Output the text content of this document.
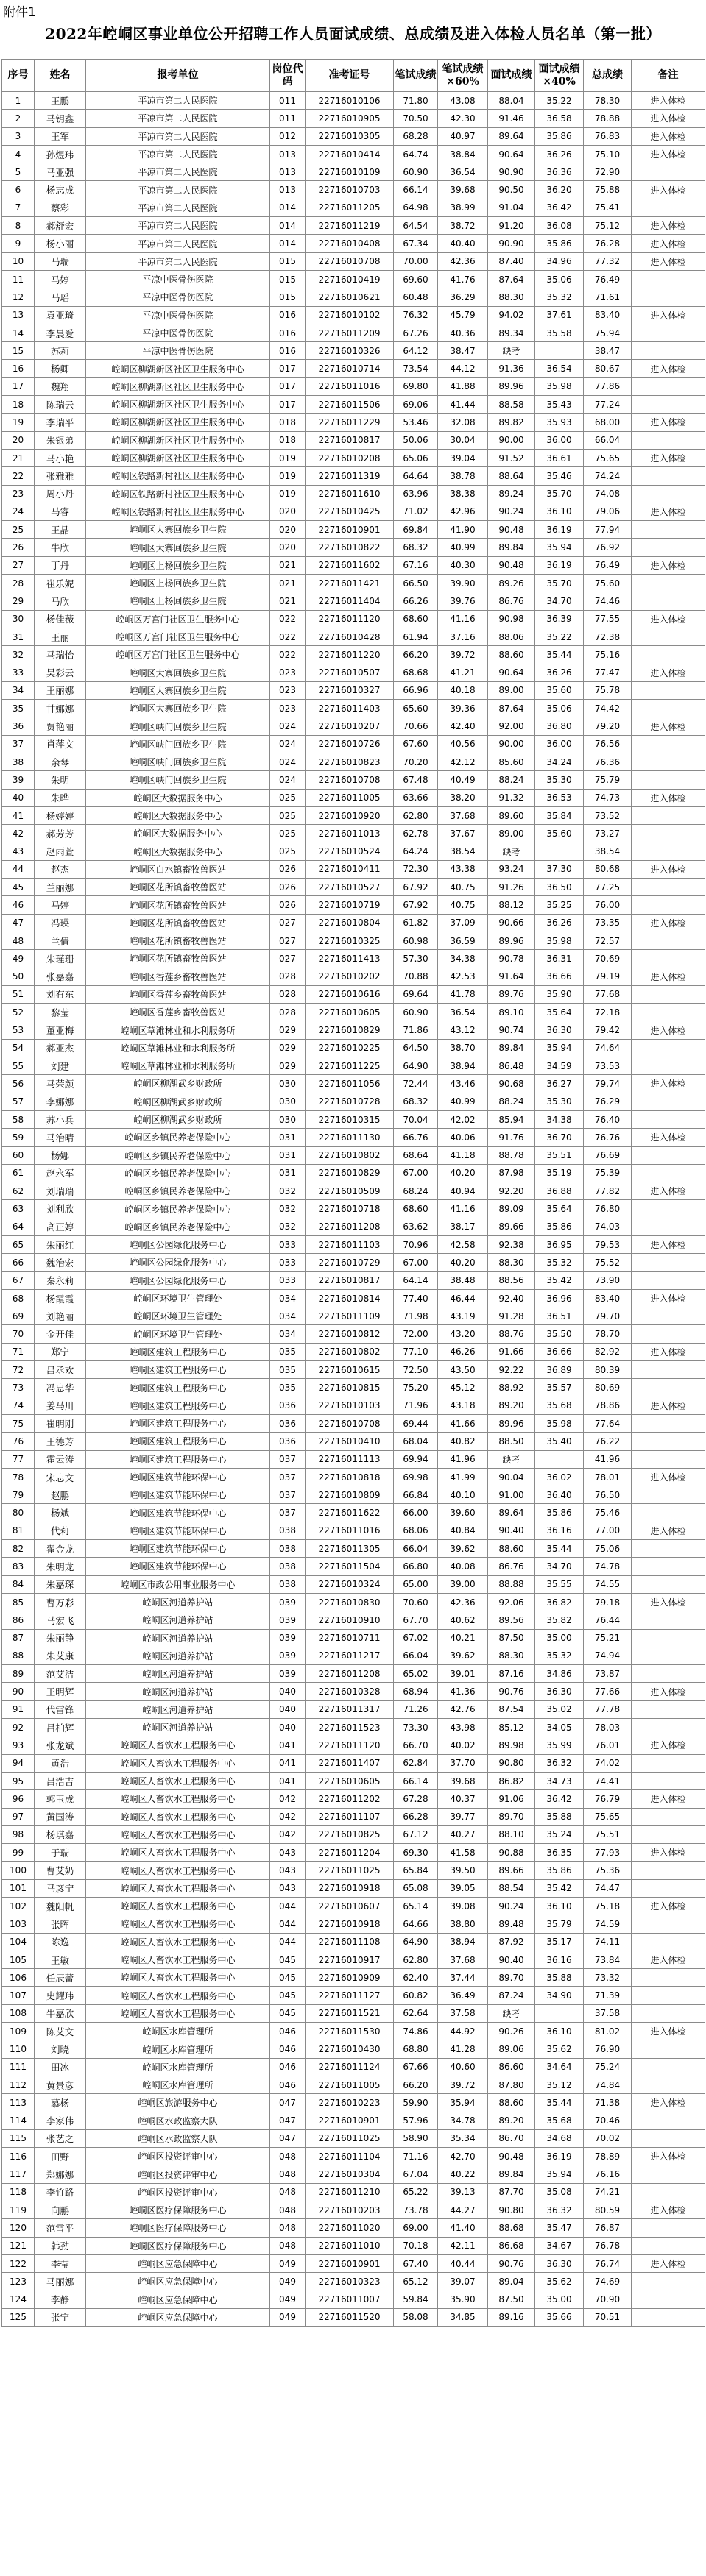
附件1
2022年崆峒区事业单位公开招聘工作人员面试成绩、总成绩及进入体检人员名单（第一批）
序号	姓名	报考单位	岗位代码	准考证号	笔试成绩	笔试成绩×60%	面试成绩	面试成绩×40%	总成绩	备注
1	王鹏	平凉市第二人民医院	011	22716010106	71.80	43.08	88.04	35.22	78.30	进入体检
2	马钥鑫	平凉市第二人民医院	011	22716010905	70.50	42.30	91.46	36.58	78.88	进入体检
3	王军	平凉市第二人民医院	012	22716010305	68.28	40.97	89.64	35.86	76.83	进入体检
4	孙煜玮	平凉市第二人民医院	013	22716010414	64.74	38.84	90.64	36.26	75.10	进入体检
5	马亚强	平凉市第二人民医院	013	22716010109	60.90	36.54	90.90	36.36	72.90	
6	杨志成	平凉市第二人民医院	013	22716010703	66.14	39.68	90.50	36.20	75.88	进入体检
7	蔡彩	平凉市第二人民医院	014	22716011205	64.98	38.99	91.04	36.42	75.41	
8	郝舒宏	平凉市第二人民医院	014	22716011219	64.54	38.72	91.20	36.08	75.12	进入体检
9	杨小丽	平凉市第二人民医院	014	22716010408	67.34	40.40	90.90	35.86	76.28	进入体检
10	马瑞	平凉市第二人民医院	015	22716010708	70.00	42.36	87.40	34.96	77.32	进入体检
11	马婷	平凉中医骨伤医院	015	22716010419	69.60	41.76	87.64	35.06	76.49	
12	马瑶	平凉中医骨伤医院	015	22716010621	60.48	36.29	88.30	35.32	71.61	
13	袁亚琦	平凉中医骨伤医院	016	22716010102	76.32	45.79	94.02	37.61	83.40	进入体检
14	李晨爱	平凉中医骨伤医院	016	22716011209	67.26	40.36	89.34	35.58	75.94	
15	苏莉	平凉中医骨伤医院	016	22716010326	64.12	38.47	缺考		38.47	
16	杨卿	崆峒区柳湖新区社区卫生服务中心	017	22716010714	73.54	44.12	91.36	36.54	80.67	进入体检
17	魏翔	崆峒区柳湖新区社区卫生服务中心	017	22716011016	69.80	41.88	89.96	35.98	77.86	
18	陈瑞云	崆峒区柳湖新区社区卫生服务中心	017	22716011506	69.06	41.44	88.58	35.43	77.24	
19	李瑞平	崆峒区柳湖新区社区卫生服务中心	018	22716011229	53.46	32.08	89.82	35.93	68.00	进入体检
20	朱银弟	崆峒区柳湖新区社区卫生服务中心	018	22716010817	50.06	30.04	90.00	36.00	66.04	
21	马小艳	崆峒区柳湖新区社区卫生服务中心	019	22716010208	65.06	39.04	91.52	36.61	75.65	进入体检
22	张雅雅	崆峒区铁路新村社区卫生服务中心	019	22716011319	64.64	38.78	88.64	35.46	74.24	
23	周小丹	崆峒区铁路新村社区卫生服务中心	019	22716011610	63.96	38.38	89.24	35.70	74.08	
24	马睿	崆峒区铁路新村社区卫生服务中心	020	22716010425	71.02	42.96	90.24	36.10	79.06	进入体检
25	王晶	崆峒区大寨回族乡卫生院	020	22716010901	69.84	41.90	90.48	36.19	77.94	
26	牛欣	崆峒区大寨回族乡卫生院	020	22716010822	68.32	40.99	89.84	35.94	76.92	
27	丁丹	崆峒区上杨回族乡卫生院	021	22716011602	67.16	40.30	90.48	36.19	76.49	进入体检
28	崔乐妮	崆峒区上杨回族乡卫生院	021	22716011421	66.50	39.90	89.26	35.70	75.60	
29	马欣	崆峒区上杨回族乡卫生院	021	22716011404	66.26	39.76	86.76	34.70	74.46	
30	杨佳薇	崆峒区万宫门社区卫生服务中心	022	22716011120	68.60	41.16	90.98	36.39	77.55	进入体检
31	王丽	崆峒区万宫门社区卫生服务中心	022	22716010428	61.94	37.16	88.06	35.22	72.38	
32	马瑞怡	崆峒区万宫门社区卫生服务中心	022	22716011220	66.20	39.72	88.60	35.44	75.16	
33	吴彩云	崆峒区大寨回族乡卫生院	023	22716010507	68.68	41.21	90.64	36.26	77.47	进入体检
34	王丽娜	崆峒区大寨回族乡卫生院	023	22716010327	66.96	40.18	89.00	35.60	75.78	
35	甘娜娜	崆峒区大寨回族乡卫生院	023	22716011403	65.60	39.36	87.64	35.06	74.42	
36	贾艳丽	崆峒区峡门回族乡卫生院	024	22716010207	70.66	42.40	92.00	36.80	79.20	进入体检
37	肖萍文	崆峒区峡门回族乡卫生院	024	22716010726	67.60	40.56	90.00	36.00	76.56	
38	余琴	崆峒区峡门回族乡卫生院	024	22716010823	70.20	42.12	85.60	34.24	76.36	
39	朱明	崆峒区峡门回族乡卫生院	024	22716010708	67.48	40.49	88.24	35.30	75.79	
40	朱晔	崆峒区大数据服务中心	025	22716011005	63.66	38.20	91.32	36.53	74.73	进入体检
41	杨婷婷	崆峒区大数据服务中心	025	22716010920	62.80	37.68	89.60	35.84	73.52	
42	郝芳芳	崆峒区大数据服务中心	025	22716011013	62.78	37.67	89.00	35.60	73.27	
43	赵雨萱	崆峒区大数据服务中心	025	22716010524	64.24	38.54	缺考		38.54	
44	赵杰	崆峒区白水镇畜牧兽医站	026	22716010411	72.30	43.38	93.24	37.30	80.68	进入体检
45	兰丽娜	崆峒区花所镇畜牧兽医站	026	22716010527	67.92	40.75	91.26	36.50	77.25	
46	马婷	崆峒区花所镇畜牧兽医站	026	22716010719	67.92	40.75	88.12	35.25	76.00	
47	冯瑛	崆峒区花所镇畜牧兽医站	027	22716010804	61.82	37.09	90.66	36.26	73.35	进入体检
48	兰倩	崆峒区花所镇畜牧兽医站	027	22716010325	60.98	36.59	89.96	35.98	72.57	
49	朱瑾珊	崆峒区花所镇畜牧兽医站	027	22716011413	57.30	34.38	90.78	36.31	70.69	
50	张嘉嘉	崆峒区香莲乡畜牧兽医站	028	22716010202	70.88	42.53	91.64	36.66	79.19	进入体检
51	刘有东	崆峒区香莲乡畜牧兽医站	028	22716010616	69.64	41.78	89.76	35.90	77.68	
52	黎莹	崆峒区香莲乡畜牧兽医站	028	22716010605	60.90	36.54	89.10	35.64	72.18	
53	董亚梅	崆峒区草滩林业和水利服务所	029	22716010829	71.86	43.12	90.74	36.30	79.42	进入体检
54	郝亚杰	崆峒区草滩林业和水利服务所	029	22716010225	64.50	38.70	89.84	35.94	74.64	
55	刘建	崆峒区草滩林业和水利服务所	029	22716011225	64.90	38.94	86.48	34.59	73.53	
56	马荣颜	崆峒区柳湖武乡财政所	030	22716011056	72.44	43.46	90.68	36.27	79.74	进入体检
57	李娜娜	崆峒区柳湖武乡财政所	030	22716010728	68.32	40.99	88.24	35.30	76.29	
58	苏小兵	崆峒区柳湖武乡财政所	030	22716010315	70.04	42.02	85.94	34.38	76.40	
59	马治晴	崆峒区乡镇民养老保险中心	031	22716011130	66.76	40.06	91.76	36.70	76.76	进入体检
60	杨娜	崆峒区乡镇民养老保险中心	031	22716010802	68.64	41.18	88.78	35.51	76.69	
61	赵永军	崆峒区乡镇民养老保险中心	031	22716010829	67.00	40.20	87.98	35.19	75.39	
62	刘瑞瑞	崆峒区乡镇民养老保险中心	032	22716010509	68.24	40.94	92.20	36.88	77.82	进入体检
63	刘利欣	崆峒区乡镇民养老保险中心	032	22716010718	68.60	41.16	89.09	35.64	76.80	
64	高正婷	崆峒区乡镇民养老保险中心	032	22716011208	63.62	38.17	89.66	35.86	74.03	
65	朱丽红	崆峒区公园绿化服务中心	033	22716011103	70.96	42.58	92.38	36.95	79.53	进入体检
66	魏治宏	崆峒区公园绿化服务中心	033	22716010729	67.00	40.20	88.30	35.32	75.52	
67	秦永莉	崆峒区公园绿化服务中心	033	22716010817	64.14	38.48	88.56	35.42	73.90	
68	杨霞霞	崆峒区环境卫生管理处	034	22716010814	77.40	46.44	92.40	36.96	83.40	进入体检
69	刘艳丽	崆峒区环境卫生管理处	034	22716011109	71.98	43.19	91.28	36.51	79.70	
70	金开佳	崆峒区环境卫生管理处	034	22716010812	72.00	43.20	88.76	35.50	78.70	
71	郑宁	崆峒区建筑工程服务中心	035	22716010802	77.10	46.26	91.66	36.66	82.92	进入体检
72	吕丞欢	崆峒区建筑工程服务中心	035	22716010615	72.50	43.50	92.22	36.89	80.39	
73	冯忠华	崆峒区建筑工程服务中心	035	22716010815	75.20	45.12	88.92	35.57	80.69	
74	姜马川	崆峒区建筑工程服务中心	036	22716010103	71.96	43.18	89.20	35.68	78.86	进入体检
75	崔明刚	崆峒区建筑工程服务中心	036	22716010708	69.44	41.66	89.96	35.98	77.64	
76	王德芳	崆峒区建筑工程服务中心	036	22716010410	68.04	40.82	88.50	35.40	76.22	
77	霍云涛	崆峒区建筑工程服务中心	037	22716011113	69.94	41.96	缺考		41.96	
78	宋志文	崆峒区建筑节能环保中心	037	22716010818	69.98	41.99	90.04	36.02	78.01	进入体检
79	赵鹏	崆峒区建筑节能环保中心	037	22716010809	66.84	40.10	91.00	36.40	76.50	
80	杨斌	崆峒区建筑节能环保中心	037	22716011622	66.00	39.60	89.64	35.86	75.46	
81	代莉	崆峒区建筑节能环保中心	038	22716011016	68.06	40.84	90.40	36.16	77.00	进入体检
82	翟金龙	崆峒区建筑节能环保中心	038	22716011305	66.04	39.62	88.60	35.44	75.06	
83	朱明龙	崆峒区建筑节能环保中心	038	22716011504	66.80	40.08	86.76	34.70	74.78	
84	朱嘉琛	崆峒区市政公用事业服务中心	038	22716010324	65.00	39.00	88.88	35.55	74.55	
85	曹万彩	崆峒区河道养护站	039	22716010830	70.60	42.36	92.06	36.82	79.18	进入体检
86	马宏飞	崆峒区河道养护站	039	22716010910	67.70	40.62	89.56	35.82	76.44	
87	朱丽静	崆峒区河道养护站	039	22716010711	67.02	40.21	87.50	35.00	75.21	
88	朱艾康	崆峒区河道养护站	039	22716011217	66.04	39.62	88.30	35.32	74.94	
89	范艾洁	崆峒区河道养护站	039	22716011208	65.02	39.01	87.16	34.86	73.87	
90	王明辉	崆峒区河道养护站	040	22716010328	68.94	41.36	90.76	36.30	77.66	进入体检
91	代雷锋	崆峒区河道养护站	040	22716011317	71.26	42.76	87.54	35.02	77.78	
92	吕柏辉	崆峒区河道养护站	040	22716011523	73.30	43.98	85.12	34.05	78.03	
93	张龙斌	崆峒区人畜饮水工程服务中心	041	22716011120	66.70	40.02	89.98	35.99	76.01	进入体检
94	黄浩	崆峒区人畜饮水工程服务中心	041	22716011407	62.84	37.70	90.80	36.32	74.02	
95	吕浩吉	崆峒区人畜饮水工程服务中心	041	22716010605	66.14	39.68	86.82	34.73	74.41	
96	郭玉成	崆峒区人畜饮水工程服务中心	042	22716011202	67.28	40.37	91.06	36.42	76.79	进入体检
97	黄国涛	崆峒区人畜饮水工程服务中心	042	22716011107	66.28	39.77	89.70	35.88	75.65	
98	杨琪嘉	崆峒区人畜饮水工程服务中心	042	22716010825	67.12	40.27	88.10	35.24	75.51	
99	于瑞	崆峒区人畜饮水工程服务中心	043	22716011204	69.30	41.58	90.88	36.35	77.93	进入体检
100	曹艾奶	崆峒区人畜饮水工程服务中心	043	22716011025	65.84	39.50	89.66	35.86	75.36	
101	马彦宁	崆峒区人畜饮水工程服务中心	043	22716010918	65.08	39.05	88.54	35.42	74.47	
102	魏阳帆	崆峒区人畜饮水工程服务中心	044	22716010607	65.14	39.08	90.24	36.10	75.18	进入体检
103	张晖	崆峒区人畜饮水工程服务中心	044	22716010918	64.66	38.80	89.48	35.79	74.59	
104	陈逸	崆峒区人畜饮水工程服务中心	044	22716011108	64.90	38.94	87.92	35.17	74.11	
105	王敏	崆峒区人畜饮水工程服务中心	045	22716010917	62.80	37.68	90.40	36.16	73.84	进入体检
106	任辰蕾	崆峒区人畜饮水工程服务中心	045	22716010909	62.40	37.44	89.70	35.88	73.32	
107	史耀玮	崆峒区人畜饮水工程服务中心	045	22716011127	60.82	36.49	87.24	34.90	71.39	
108	牛嘉欣	崆峒区人畜饮水工程服务中心	045	22716011521	62.64	37.58	缺考		37.58	
109	陈艾文	崆峒区水库管理所	046	22716011530	74.86	44.92	90.26	36.10	81.02	进入体检
110	刘晓	崆峒区水库管理所	046	22716010430	68.80	41.28	89.06	35.62	76.90	
111	田冰	崆峒区水库管理所	046	22716011124	67.66	40.60	86.60	34.64	75.24	
112	黄景彦	崆峒区水库管理所	046	22716011005	66.20	39.72	87.80	35.12	74.84	
113	慕杨	崆峒区旅游服务中心	047	22716010223	59.90	35.94	88.60	35.44	71.38	进入体检
114	李家伟	崆峒区水政监察大队	047	22716010901	57.96	34.78	89.20	35.68	70.46	
115	张艺之	崆峒区水政监察大队	047	22716011025	58.90	35.34	86.70	34.68	70.02	
116	田野	崆峒区投资评审中心	048	22716011104	71.16	42.70	90.48	36.19	78.89	进入体检
117	郑娜娜	崆峒区投资评审中心	048	22716010304	67.04	40.22	89.84	35.94	76.16	
118	李竹路	崆峒区投资评审中心	048	22716011210	65.22	39.13	87.70	35.08	74.21	
119	向鹏	崆峒区医疗保障服务中心	048	22716010203	73.78	44.27	90.80	36.32	80.59	进入体检
120	范雪平	崆峒区医疗保障服务中心	048	22716011020	69.00	41.40	88.68	35.47	76.87	
121	韩劲	崆峒区医疗保障服务中心	048	22716011010	70.18	42.11	86.68	34.67	76.78	
122	李莹	崆峒区应急保障中心	049	22716010901	67.40	40.44	90.76	36.30	76.74	进入体检
123	马丽娜	崆峒区应急保障中心	049	22716010323	65.12	39.07	89.04	35.62	74.69	
124	李静	崆峒区应急保障中心	049	22716011007	59.84	35.90	87.50	35.00	70.90	
125	张宁	崆峒区应急保障中心	049	22716011520	58.08	34.85	89.16	35.66	70.51	
